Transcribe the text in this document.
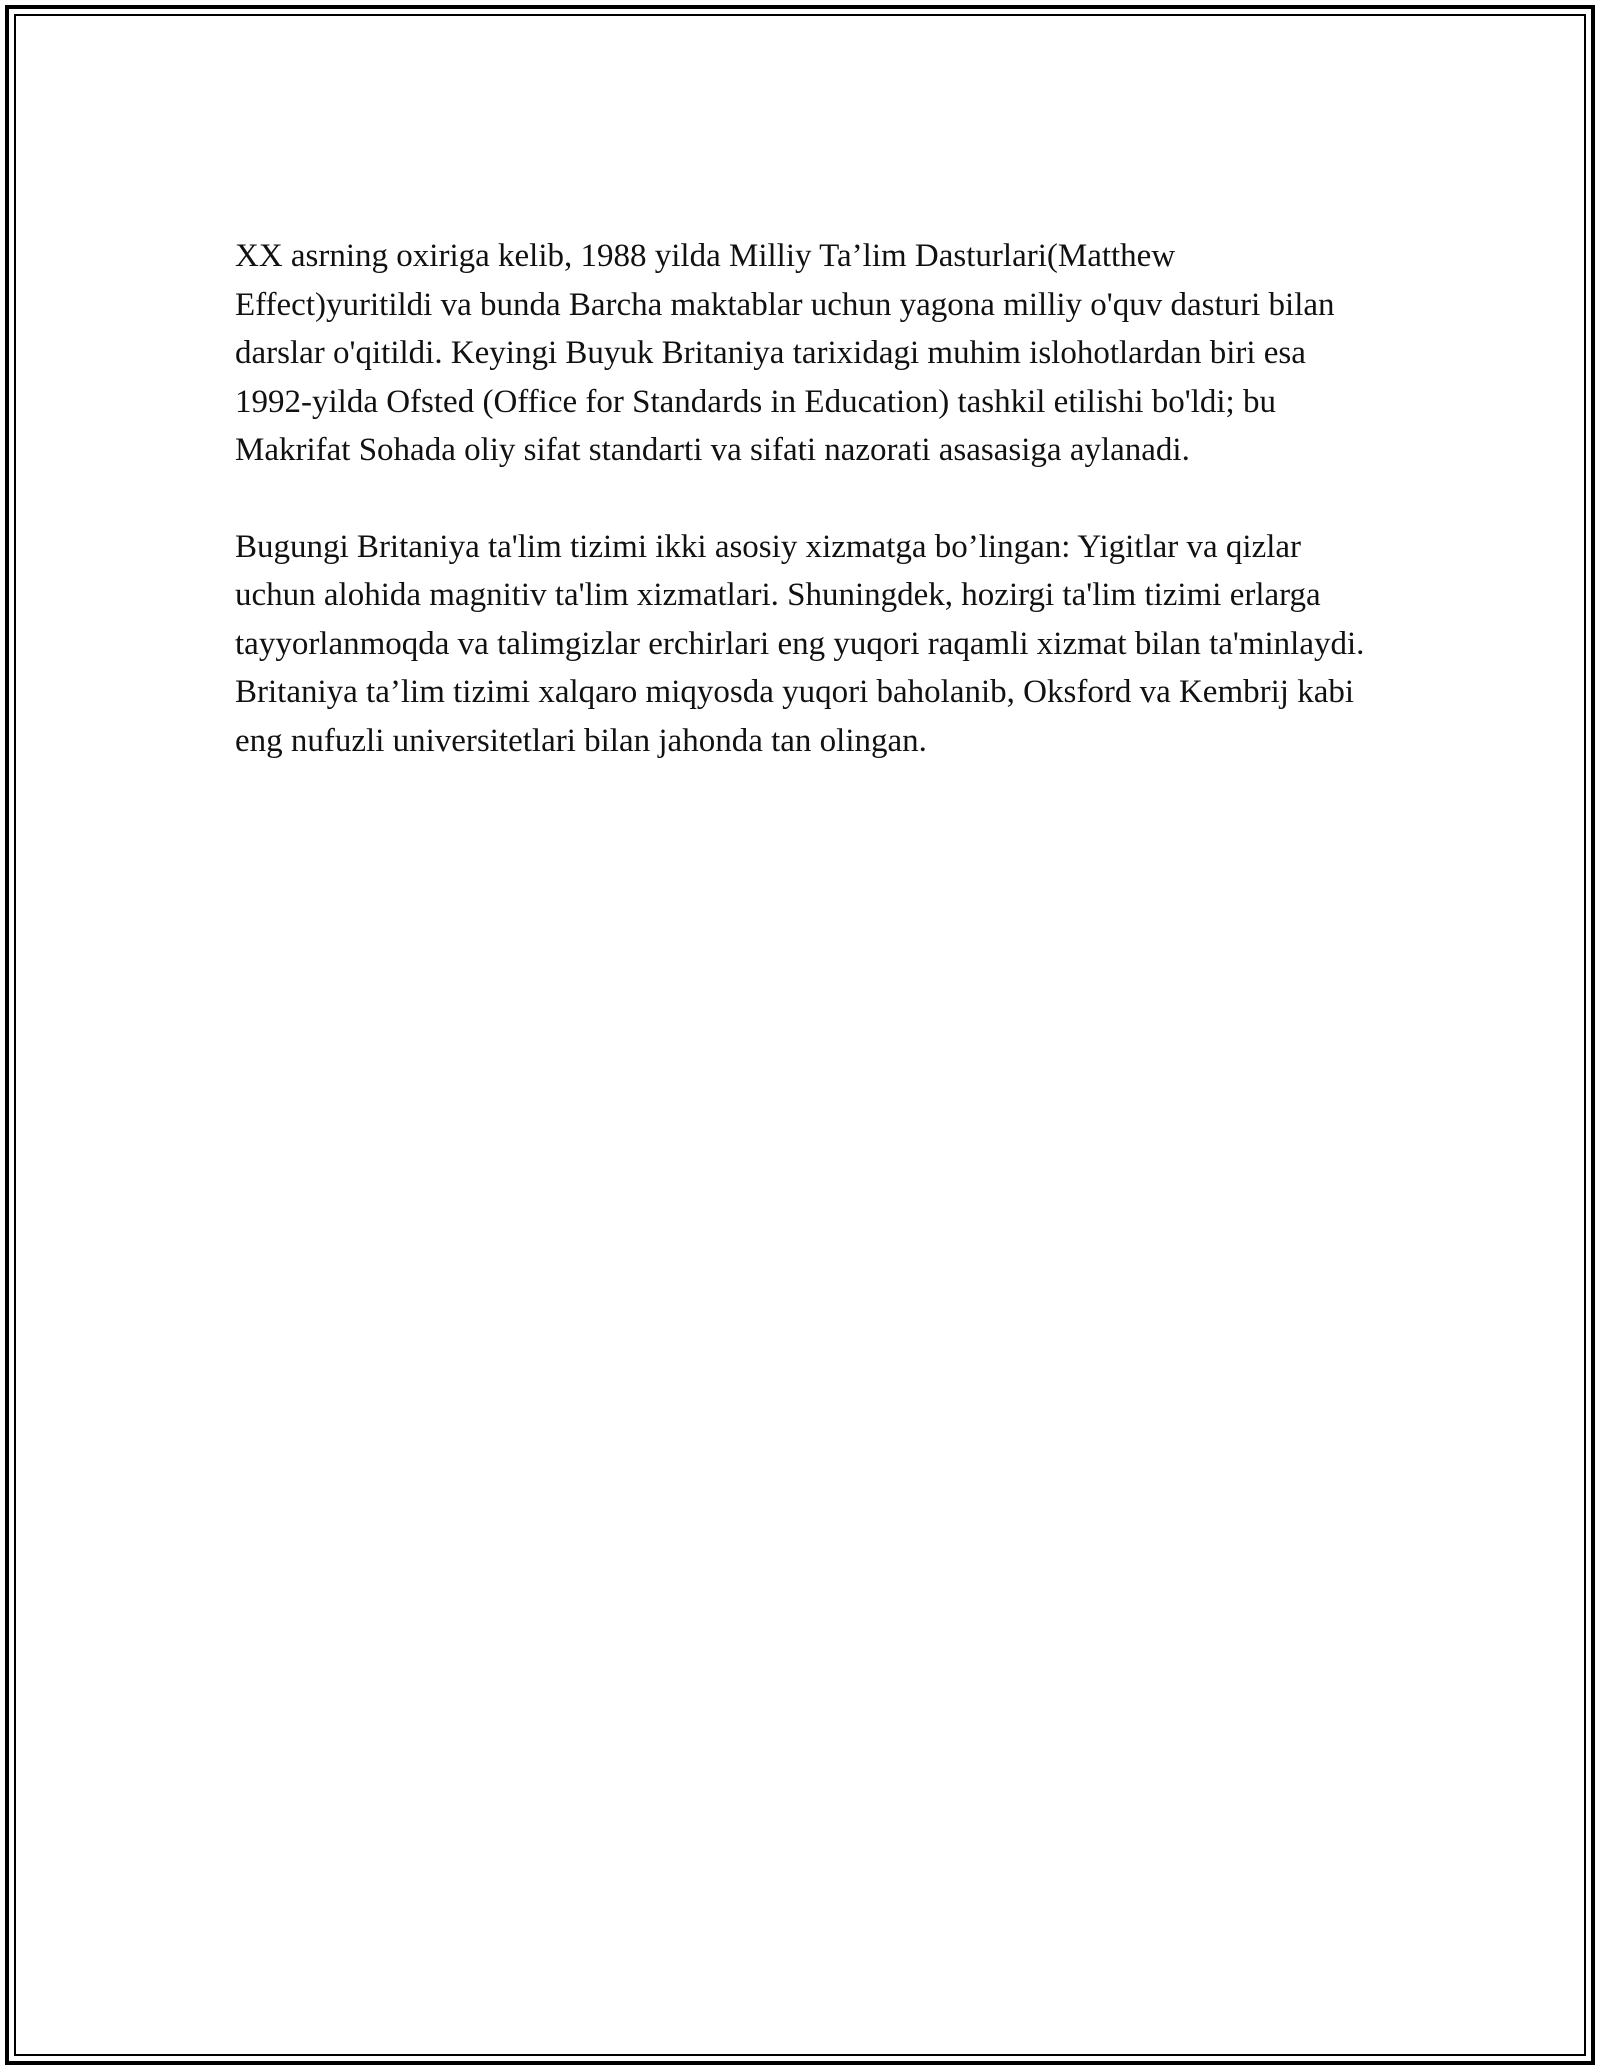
XX asrning oxiriga kelib, 1988 yilda Milliy Ta’lim Dasturlari(Matthew Effect)yuritildi va bunda Barcha maktablar uchun yagona milliy o'quv dasturi bilan darslar o'qitildi. Keyingi Buyuk Britaniya tarixidagi muhim islohotlardan biri esa 1992-yilda Ofsted (Office for Standards in Education) tashkil etilishi bo'ldi; bu Makrifat Sohada oliy sifat standarti va sifati nazorati asasasiga aylanadi.

Bugungi Britaniya ta'lim tizimi ikki asosiy xizmatga bo’lingan: Yigitlar va qizlar uchun alohida magnitiv ta'lim xizmatlari. Shuningdek, hozirgi ta'lim tizimi erlarga tayyorlanmoqda va talimgizlar erchirlari eng yuqori raqamli xizmat bilan ta'minlaydi. Britaniya ta’lim tizimi xalqaro miqyosda yuqori baholanib, Oksford va Kembrij kabi eng nufuzli universitetlari bilan jahonda tan olingan.
